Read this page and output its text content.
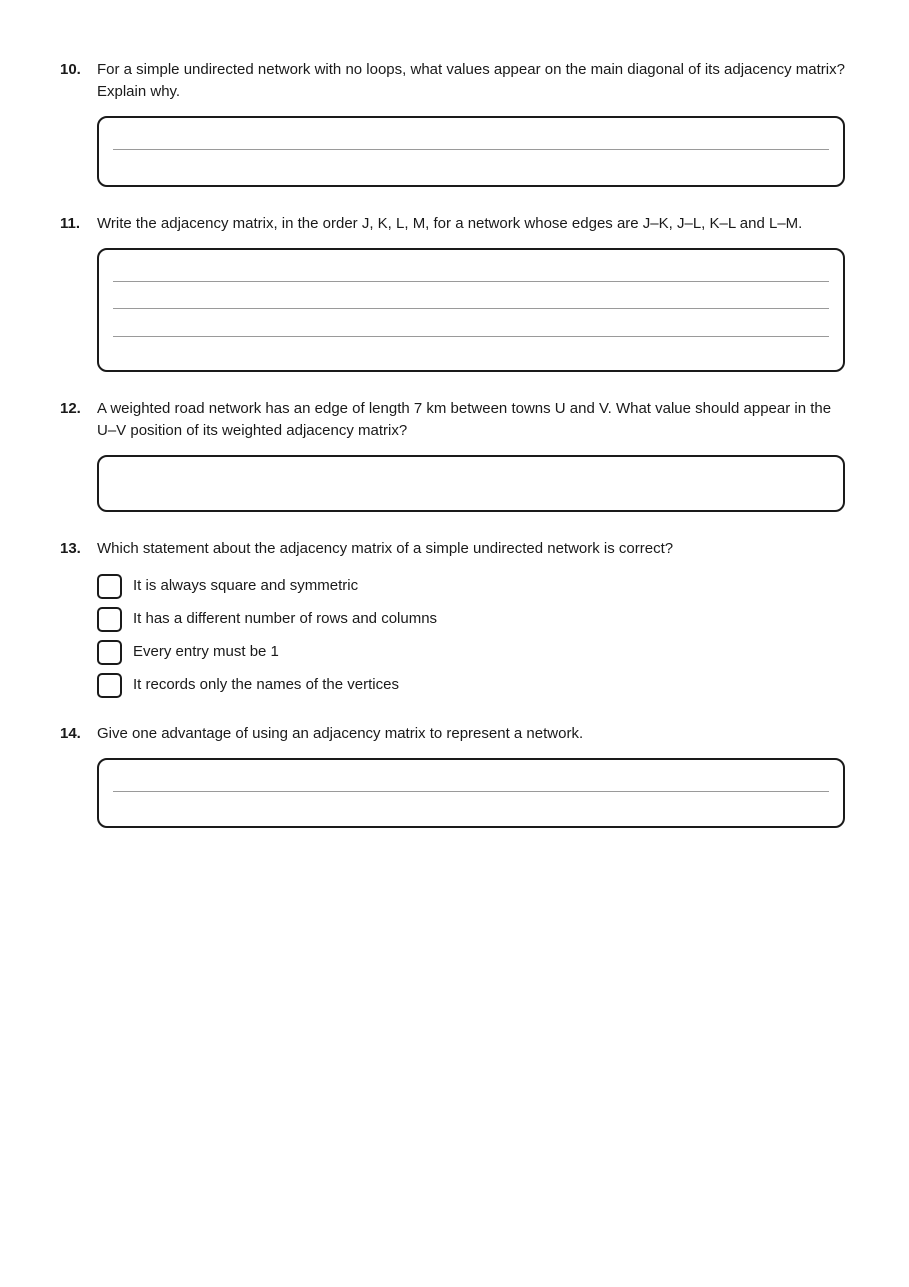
10. For a simple undirected network with no loops, what values appear on the main diagonal of its adjacency matrix? Explain why.
11. Write the adjacency matrix, in the order J, K, L, M, for a network whose edges are J–K, J–L, K–L and L–M.
12. A weighted road network has an edge of length 7 km between towns U and V. What value should appear in the U–V position of its weighted adjacency matrix?
13. Which statement about the adjacency matrix of a simple undirected network is correct?
It is always square and symmetric
It has a different number of rows and columns
Every entry must be 1
It records only the names of the vertices
14. Give one advantage of using an adjacency matrix to represent a network.
